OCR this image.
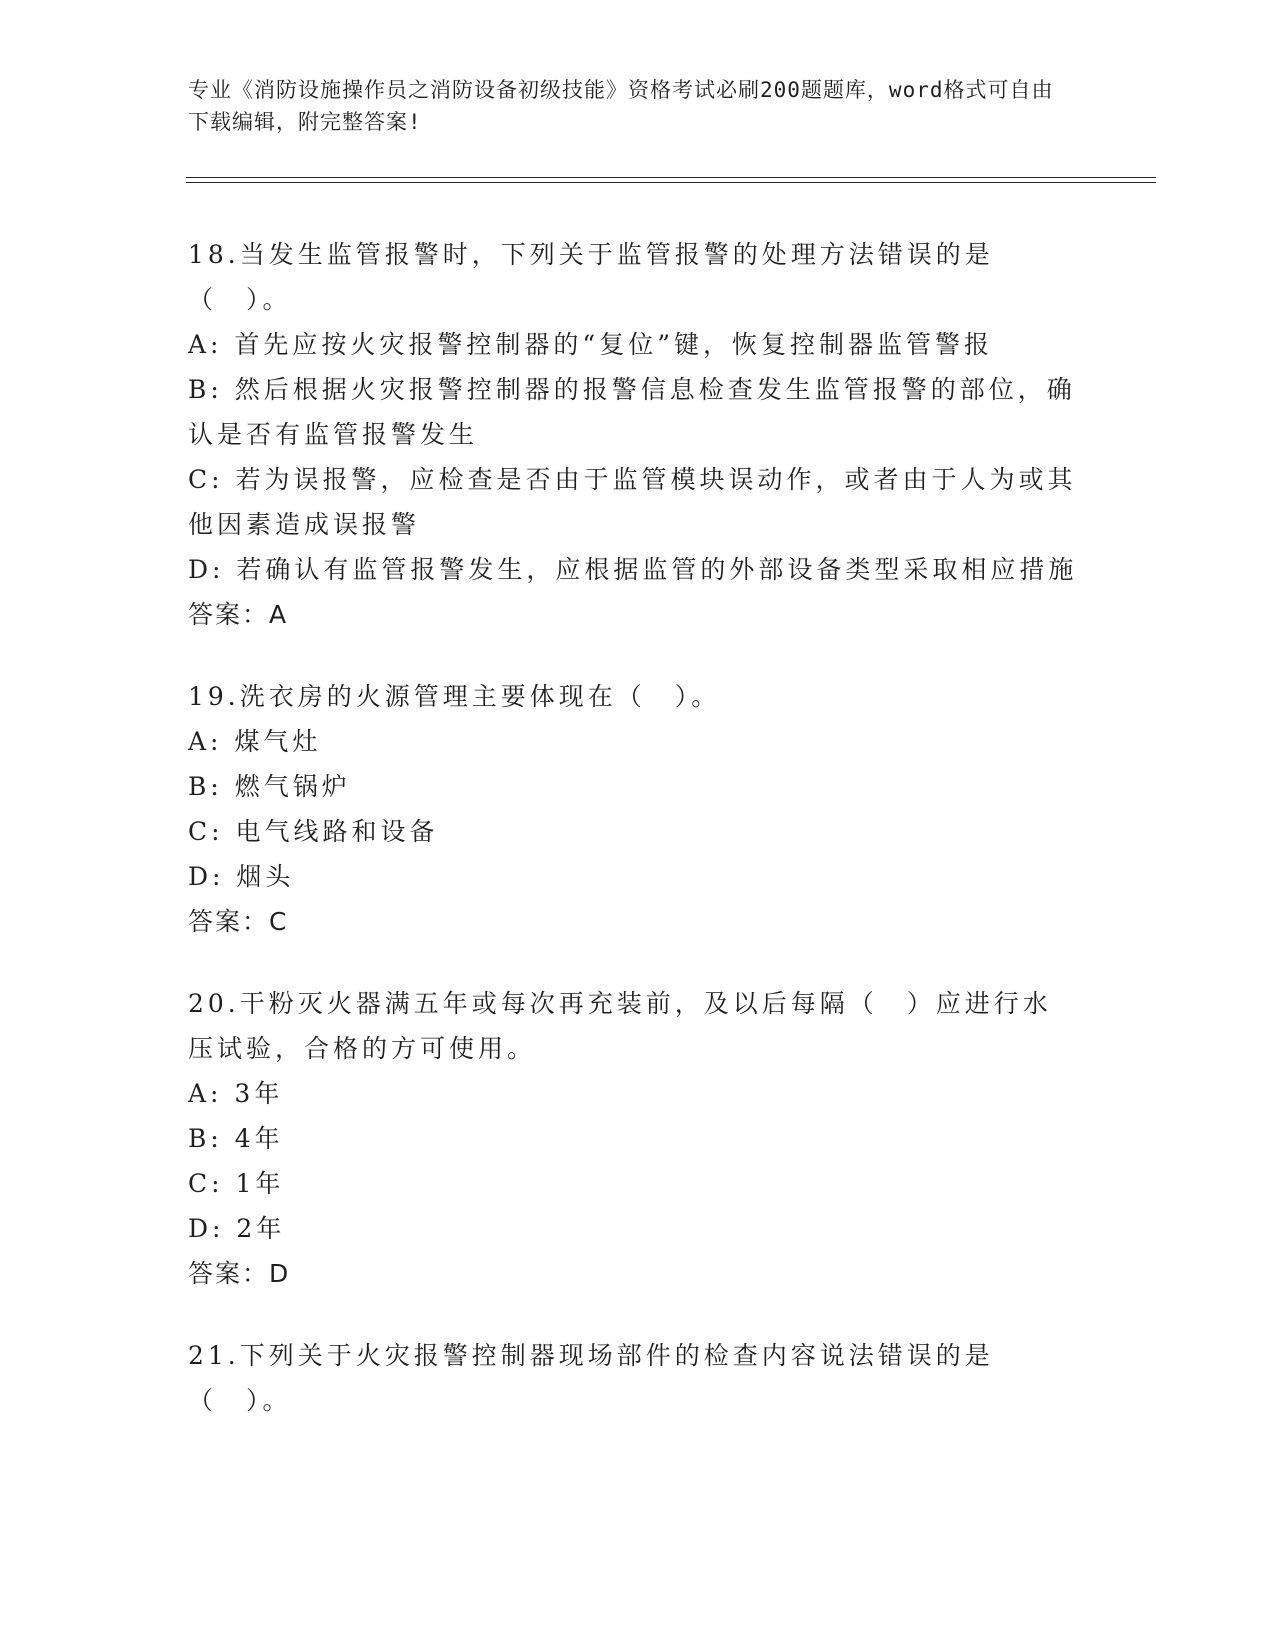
专业《消防设施操作员之消防设备初级技能》资格考试必刷200题题库，word格式可自由下载编辑，附完整答案!

18.当发生监管报警时，下列关于监管报警的处理方法错误的是（　）。

A: 首先应按火灾报警控制器的“复位”键，恢复控制器监管警报

B: 然后根据火灾报警控制器的报警信息检查发生监管报警的部位，确认是否有监管报警发生

C: 若为误报警，应检查是否由于监管模块误动作，或者由于人为或其他因素造成误报警

D: 若确认有监管报警发生，应根据监管的外部设备类型采取相应措施

答案：A

19.洗衣房的火源管理主要体现在（　）。

A: 煤气灶

B: 燃气锅炉

C: 电气线路和设备

D: 烟头

答案：C

20.干粉灭火器满五年或每次再充装前，及以后每隔（　）应进行水压试验，合格的方可使用。

A: 3年

B: 4年

C: 1年

D: 2年

答案：D

21.下列关于火灾报警控制器现场部件的检查内容说法错误的是（　）。
